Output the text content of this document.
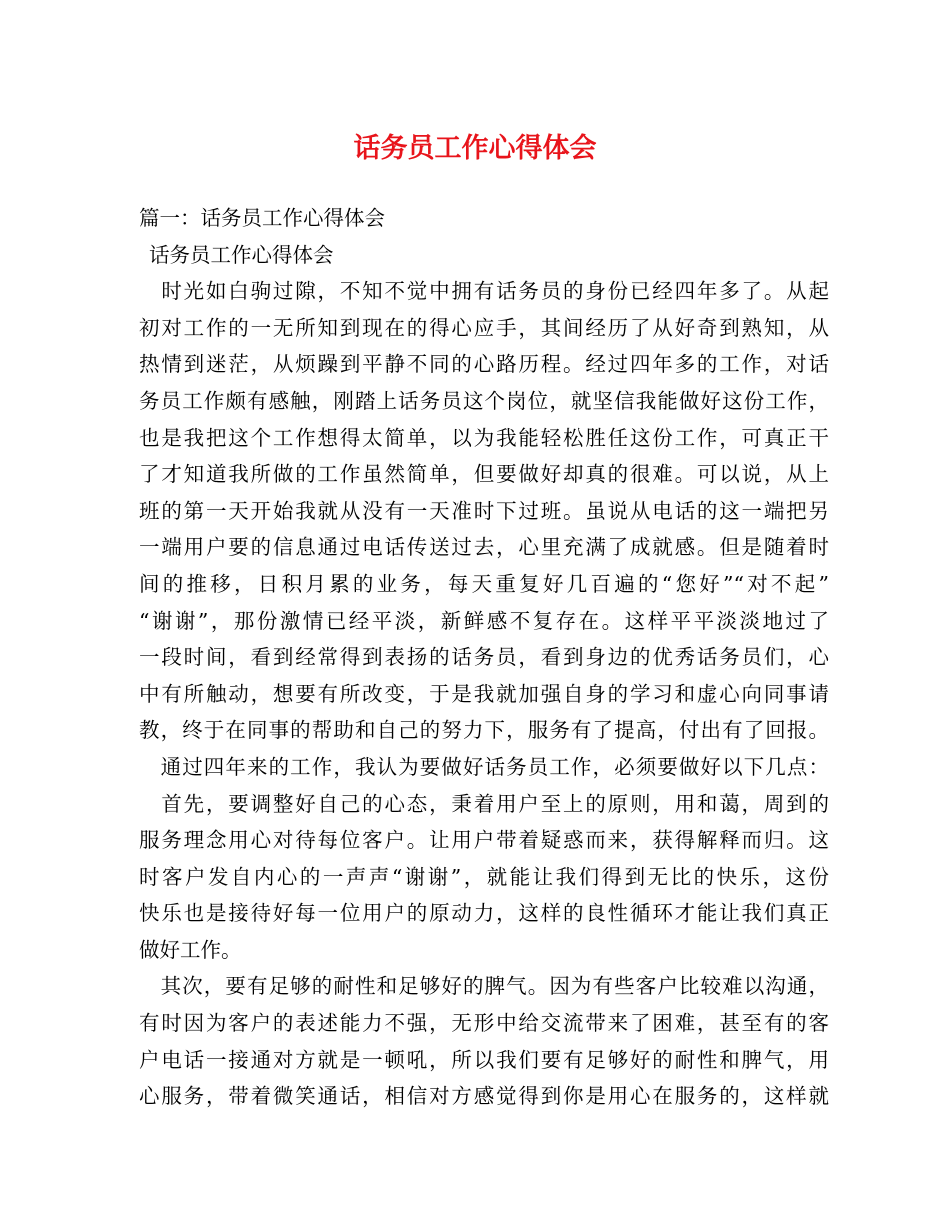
话务员工作心得体会
篇一：话务员工作心得体会
话务员工作心得体会
　时光如白驹过隙，不知不觉中拥有话务员的身份已经四年多了。从起
初对工作的一无所知到现在的得心应手，其间经历了从好奇到熟知，从
热情到迷茫，从烦躁到平静不同的心路历程。经过四年多的工作，对话
务员工作颇有感触，刚踏上话务员这个岗位，就坚信我能做好这份工作，
也是我把这个工作想得太简单，以为我能轻松胜任这份工作，可真正干
了才知道我所做的工作虽然简单，但要做好却真的很难。可以说，从上
班的第一天开始我就从没有一天准时下过班。虽说从电话的这一端把另
一端用户要的信息通过电话传送过去，心里充满了成就感。但是随着时
间的推移，日积月累的业务，每天重复好几百遍的“您好”“对不起”
“谢谢”，那份激情已经平淡，新鲜感不复存在。这样平平淡淡地过了
一段时间，看到经常得到表扬的话务员，看到身边的优秀话务员们，心
中有所触动，想要有所改变，于是我就加强自身的学习和虚心向同事请
教，终于在同事的帮助和自己的努力下，服务有了提高，付出有了回报。
　通过四年来的工作，我认为要做好话务员工作，必须要做好以下几点：
　首先，要调整好自己的心态，秉着用户至上的原则，用和蔼，周到的
服务理念用心对待每位客户。让用户带着疑惑而来，获得解释而归。这
时客户发自内心的一声声“谢谢”，就能让我们得到无比的快乐，这份
快乐也是接待好每一位用户的原动力，这样的良性循环才能让我们真正
做好工作。
　其次，要有足够的耐性和足够好的脾气。因为有些客户比较难以沟通，
有时因为客户的表述能力不强，无形中给交流带来了困难，甚至有的客
户电话一接通对方就是一顿吼，所以我们要有足够好的耐性和脾气，用
心服务，带着微笑通话，相信对方感觉得到你是用心在服务的，这样就
